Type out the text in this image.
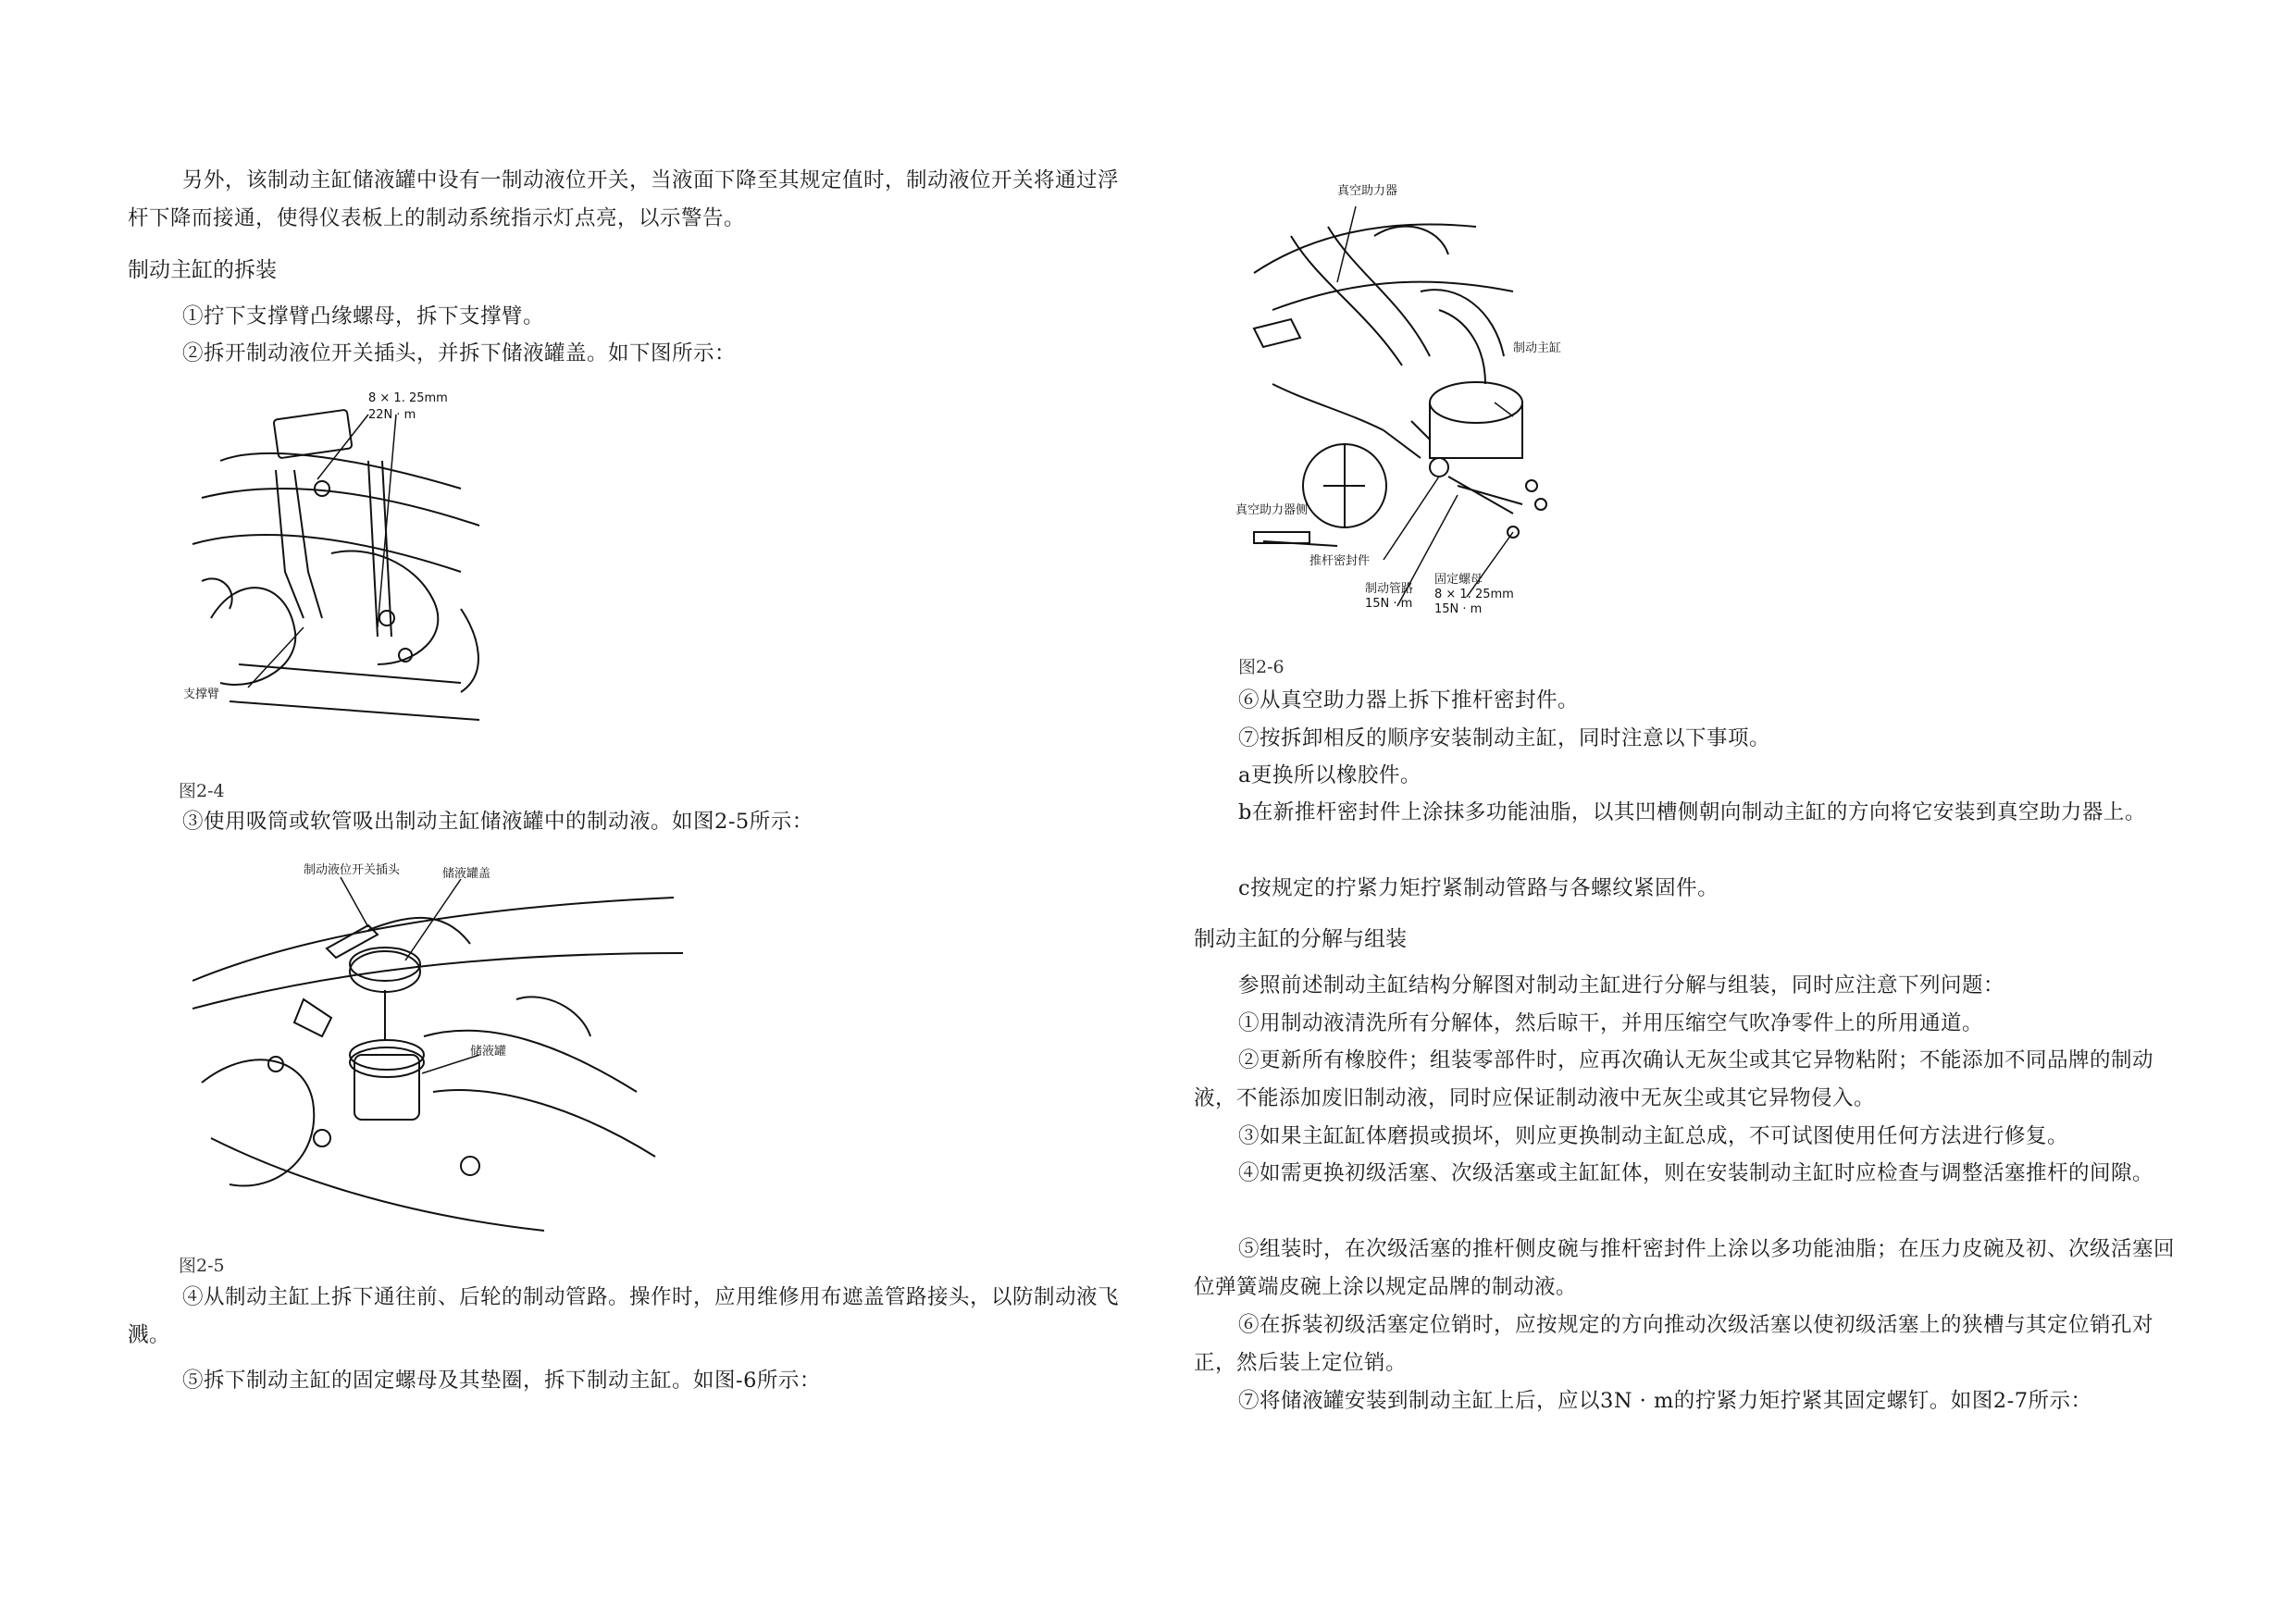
另外，该制动主缸储液罐中设有一制动液位开关，当液面下降至其规定值时，制动液位开关将通过浮杆下降而接通，使得仪表板上的制动系统指示灯点亮，以示警告。
制动主缸的拆装
①拧下支撑臂凸缘螺母，拆下支撑臂。
②拆开制动液位开关插头，并拆下储液罐盖。如下图所示：
8 × 1. 25mm
22N · m
支撑臂
图2-4
③使用吸筒或软管吸出制动主缸储液罐中的制动液。如图2-5所示：
制动液位开关插头	储液罐盖
储液罐
图2-5
④从制动主缸上拆下通往前、后轮的制动管路。操作时，应用维修用布遮盖管路接头，以防制动液飞溅。
⑤拆下制动主缸的固定螺母及其垫圈，拆下制动主缸。如图-6所示：
真空助力器
制动主缸
真空助力器侧
推杆密封件
制动管路
15N · m
固定螺母
8 × 1. 25mm
15N · m
图2-6
⑥从真空助力器上拆下推杆密封件。
⑦按拆卸相反的顺序安装制动主缸，同时注意以下事项。
a更换所以橡胶件。
b在新推杆密封件上涂抹多功能油脂，以其凹槽侧朝向制动主缸的方向将它安装到真空助力器上。
c按规定的拧紧力矩拧紧制动管路与各螺纹紧固件。
制动主缸的分解与组装
参照前述制动主缸结构分解图对制动主缸进行分解与组装，同时应注意下列问题：
①用制动液清洗所有分解体，然后晾干，并用压缩空气吹净零件上的所用通道。
②更新所有橡胶件；组装零部件时，应再次确认无灰尘或其它异物粘附；不能添加不同品牌的制动液，不能添加废旧制动液，同时应保证制动液中无灰尘或其它异物侵入。
③如果主缸缸体磨损或损坏，则应更换制动主缸总成，不可试图使用任何方法进行修复。
④如需更换初级活塞、次级活塞或主缸缸体，则在安装制动主缸时应检查与调整活塞推杆的间隙。
⑤组装时，在次级活塞的推杆侧皮碗与推杆密封件上涂以多功能油脂；在压力皮碗及初、次级活塞回位弹簧端皮碗上涂以规定品牌的制动液。
⑥在拆装初级活塞定位销时，应按规定的方向推动次级活塞以使初级活塞上的狭槽与其定位销孔对正，然后装上定位销。
⑦将储液罐安装到制动主缸上后，应以3N · m的拧紧力矩拧紧其固定螺钉。如图2-7所示：
